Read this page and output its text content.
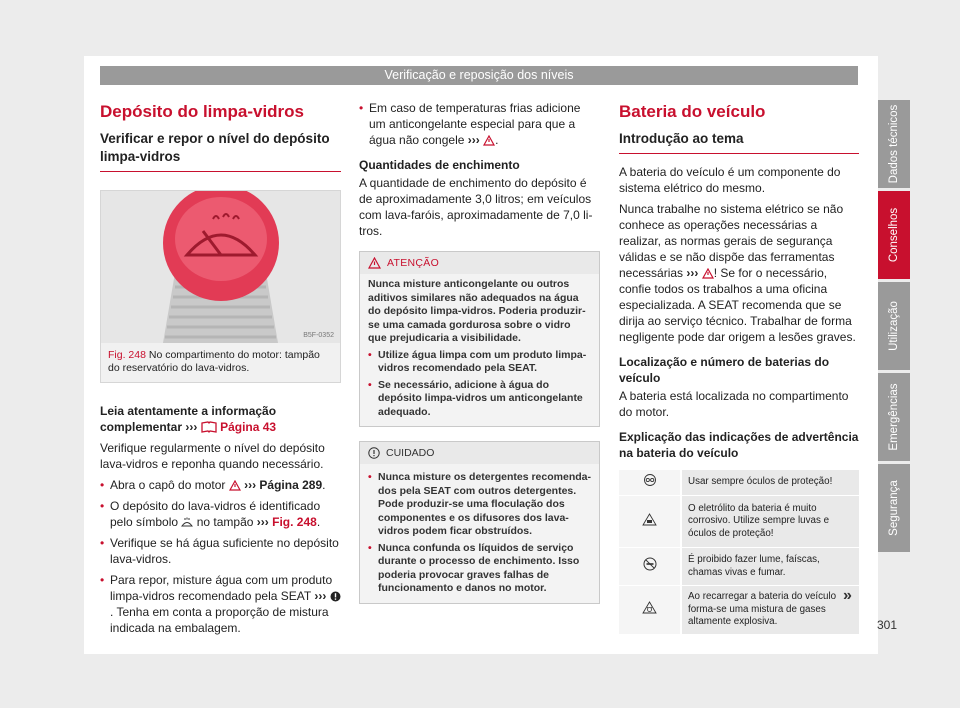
Verificação e reposição dos níveis
Depósito do limpa-vidros
Verificar e repor o nível do depósito limpa-vidros
B5F-0352
Fig. 248 No compartimento do motor: tampão do reservatório do lava-vidros.

Leia atentamente a informação complementar ››› Página 43

Verifique regularmente o nível do depósito lava-vidros e reponha quando necessário.

• Abra o capô do motor ››› Página 289.

• O depósito do lava-vidros é identificado pelo símbolo no tampão ››› Fig. 248.

• Verifique se há água suficiente no depósito lava-vidros.

• Para repor, misture água com um produto limpa-vidros recomendado pela SEAT ››› . Tenha em conta a proporção de mistura indicada na embalagem.

• Em caso de temperaturas frias adicione um anticongelante especial para que a água não congele ››› .

Quantidades de enchimento

A quantidade de enchimento do depósito é de aproximadamente 3,0 litros; em veículos com lava-faróis, aproximadamente de 7,0 litros.

ATENÇÃO
Nunca misture anticongelante ou outros aditivos similares não adequados na água do depósito limpa-vidros. Poderia produzir-se uma camada gordurosa sobre o vidro que prejudicaria a visibilidade.
• Utilize água limpa com um produto limpa-vidros recomendado pela SEAT.
• Se necessário, adicione à água do depósito limpa-vidros um anticongelante adequado.
CUIDADO
• Nunca misture os detergentes recomendados pela SEAT com outros detergentes. Pode produzir-se uma floculação dos componentes e os difusores dos lava-vidros podem ficar obstruídos.
• Nunca confunda os líquidos de serviço durante o processo de enchimento. Isso poderia provocar graves falhas de funcionamento e danos no motor.
Bateria do veículo
Introdução ao tema

A bateria do veículo é um componente do sistema elétrico do mesmo.

Nunca trabalhe no sistema elétrico se não conhece as operações necessárias a realizar, as normas gerais de segurança válidas e se não dispõe das ferramentas necessárias ››› ! Se for o necessário, confie todos os trabalhos a uma oficina especializada. A SEAT recomenda que se dirija ao serviço técnico. Trabalhar de forma negligente pode dar origem a lesões graves.

Localização e número de baterias do veículo

A bateria está localizada no compartimento do motor.

Explicação das indicações de advertência na bateria do veículo

	Usar sempre óculos de proteção!
	O eletrólito da bateria é muito corrosivo. Utilize sempre luvas e óculos de proteção!
	É proibido fazer lume, faíscas, chamas vivas e fumar.
	Ao recarregar a bateria do veículo forma-se uma mistura de gases altamente explosiva.
»
Dados técnicos
Conselhos
Utilização
Emergências
Segurança
301
